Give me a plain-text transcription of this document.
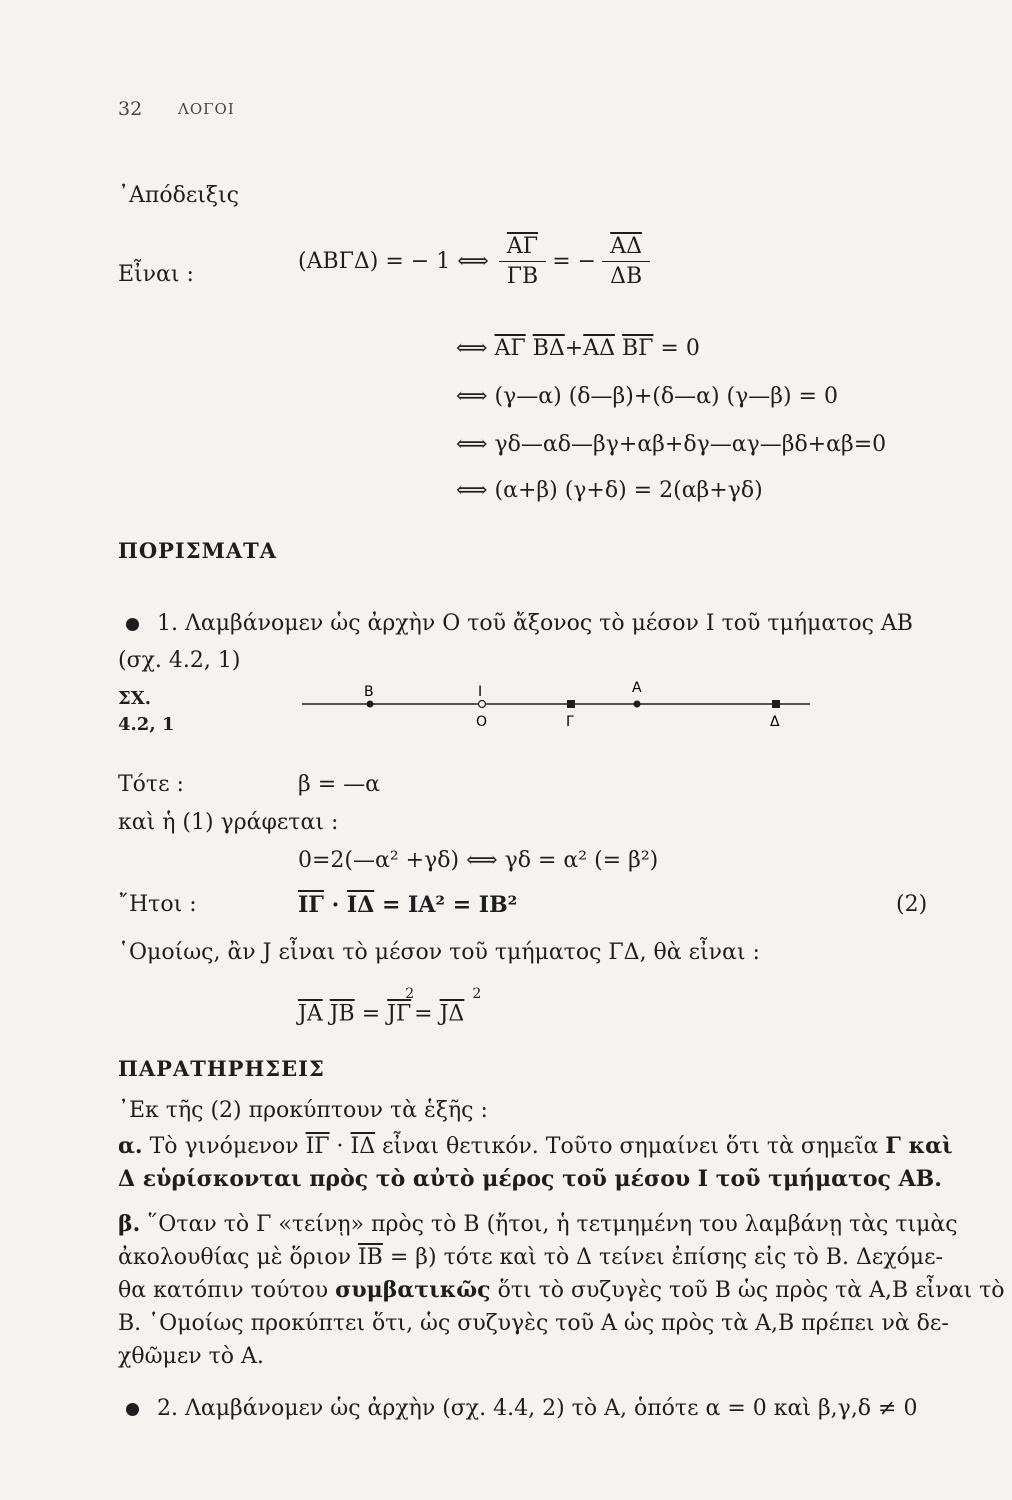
32 ΛΟΓΟΙ
᾿Απόδειξις
Εἶναι :
(ΑΒΓΔ) = − 1 ⟺ $\frac{\overline{A\Gamma}}{\Gamma B}$ = − $\frac{\overline{A\Delta}}{\Delta B}$
⟺ $\overline{A\Gamma}$ $\overline{B\Delta}+\overline{A\Delta}$ $\overline{B\Gamma} = 0$
⟺ (γ—α) (δ—β)+(δ—α) (γ—β) = 0
⟺ γδ—αδ—βγ+αβ+δγ—αγ—βδ+αβ=0
⟺ (α+β) (γ+δ) = 2(αβ+γδ)
ΠΟΡΙΣΜΑΤΑ
1. Λαμβάνομεν ὡς ἀρχὴν Ο τοῦ ἄξονος τὸ μέσον Ι τοῦ τμήματος ΑΒ
(σχ. 4.2, 1)
ΣΧ.
4.2, 1
Β	Ι	Α
Ο	Γ	Δ
Τότε :	β = —α
καὶ ἡ (1) γράφεται :
0=2(—α² +γδ) ⟺ γδ = α² (= β²)
῎Ητοι :	$\overline{I\Gamma} \cdot \overline{I\Delta} = IA^2 = IB^2$	(2)
῾Ομοίως, ἂν J εἶναι τὸ μέσον τοῦ τμήματος ΓΔ, θὰ εἶναι :
$\overline{JA}$ $\overline{JB} = \overline{J\Gamma}^2= \overline{J\Delta}^2$
ΠΑΡΑΤΗΡΗΣΕΙΣ
᾿Εκ τῆς (2) προκύπτουν τὰ ἑξῆς :
α. Τὸ γινόμενον $\overline{I\Gamma} \cdot \overline{I\Delta}$ εἶναι θετικόν. Τοῦτο σημαίνει ὅτι τὰ σημεῖα Γ καὶ
Δ εὑρίσκονται πρὸς τὸ αὐτὸ μέρος τοῦ μέσου Ι τοῦ τμήματος ΑΒ.
β. ῞Οταν τὸ Γ «τείνῃ» πρὸς τὸ Β (ἤτοι, ἡ τετμημένη του λαμβάνῃ τὰς τιμὰς
ἀκολουθίας μὲ ὅριον $\overline{IB} = \beta$) τότε καὶ τὸ Δ τείνει ἐπίσης εἰς τὸ Β. Δεχόμε-
θα κατόπιν τούτου συμβατικῶς ὅτι τὸ συζυγὲς τοῦ Β ὡς πρὸς τὰ Α,Β εἶναι τὸ
Β. ῾Ομοίως προκύπτει ὅτι, ὡς συζυγὲς τοῦ Α ὡς πρὸς τὰ Α,Β πρέπει νὰ δε-
χθῶμεν τὸ Α.
2. Λαμβάνομεν ὡς ἀρχὴν (σχ. 4.4, 2) τὸ Α, ὁπότε α = 0 καὶ β,γ,δ ≠ 0
